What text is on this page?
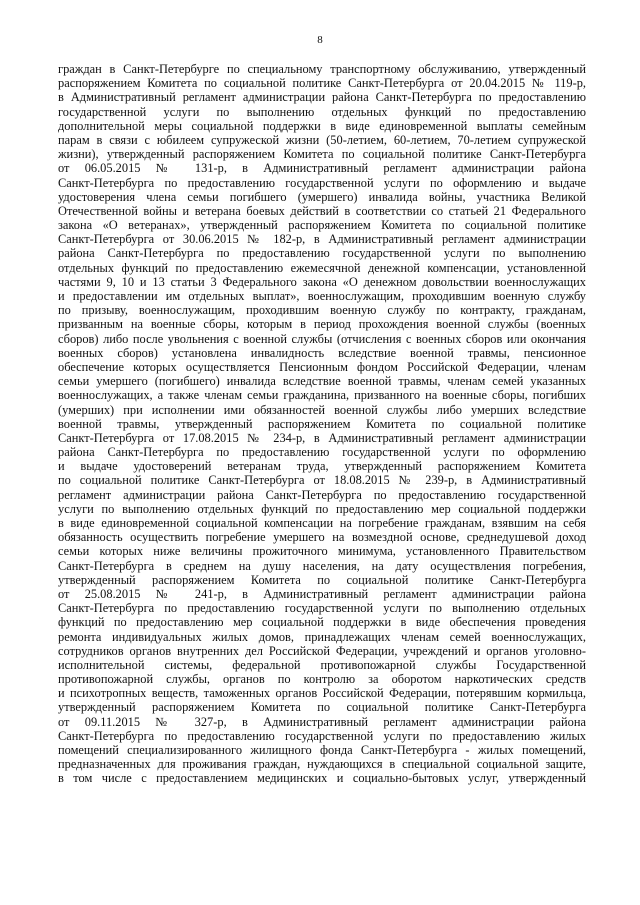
8
граждан в Санкт-Петербурге по специальному транспортному обслуживанию, утвержденный
распоряжением Комитета по социальной политике Санкт-Петербурга от 20.04.2015 № 119-р,
в Административный регламент администрации района Санкт-Петербурга по предоставлению
государственной услуги по выполнению отдельных функций по предоставлению
дополнительной меры социальной поддержки в виде единовременной выплаты семейным
парам в связи с юбилеем супружеской жизни (50-летием, 60-летием, 70-летием супружеской
жизни), утвержденный распоряжением Комитета по социальной политике Санкт-Петербурга
от 06.05.2015 № 131-р, в Административный регламент администрации района
Санкт-Петербурга по предоставлению государственной услуги по оформлению и выдаче
удостоверения члена семьи погибшего (умершего) инвалида войны, участника Великой
Отечественной войны и ветерана боевых действий в соответствии со статьей 21 Федерального
закона «О ветеранах», утвержденный распоряжением Комитета по социальной политике
Санкт-Петербурга от 30.06.2015 № 182-р, в Административный регламент администрации
района Санкт-Петербурга по предоставлению государственной услуги по выполнению
отдельных функций по предоставлению ежемесячной денежной компенсации, установленной
частями 9, 10 и 13 статьи 3 Федерального закона «О денежном довольствии военнослужащих
и предоставлении им отдельных выплат», военнослужащим, проходившим военную службу
по призыву, военнослужащим, проходившим военную службу по контракту, гражданам,
призванным на военные сборы, которым в период прохождения военной службы (военных
сборов) либо после увольнения с военной службы (отчисления с военных сборов или окончания
военных сборов) установлена инвалидность вследствие военной травмы, пенсионное
обеспечение которых осуществляется Пенсионным фондом Российской Федерации, членам
семьи умершего (погибшего) инвалида вследствие военной травмы, членам семей указанных
военнослужащих, а также членам семьи гражданина, призванного на военные сборы, погибших
(умерших) при исполнении ими обязанностей военной службы либо умерших вследствие
военной травмы, утвержденный распоряжением Комитета по социальной политике
Санкт-Петербурга от 17.08.2015 № 234-р, в Административный регламент администрации
района Санкт-Петербурга по предоставлению государственной услуги по оформлению
и выдаче удостоверений ветеранам труда, утвержденный распоряжением Комитета
по социальной политике Санкт-Петербурга от 18.08.2015 № 239-р, в Административный
регламент администрации района Санкт-Петербурга по предоставлению государственной
услуги по выполнению отдельных функций по предоставлению мер социальной поддержки
в виде единовременной социальной компенсации на погребение гражданам, взявшим на себя
обязанность осуществить погребение умершего на возмездной основе, среднедушевой доход
семьи которых ниже величины прожиточного минимума, установленного Правительством
Санкт-Петербурга в среднем на душу населения, на дату осуществления погребения,
утвержденный распоряжением Комитета по социальной политике Санкт-Петербурга
от 25.08.2015 № 241-р, в Административный регламент администрации района
Санкт-Петербурга по предоставлению государственной услуги по выполнению отдельных
функций по предоставлению мер социальной поддержки в виде обеспечения проведения
ремонта индивидуальных жилых домов, принадлежащих членам семей военнослужащих,
сотрудников органов внутренних дел Российской Федерации, учреждений и органов уголовно-
исполнительной системы, федеральной противопожарной службы Государственной
противопожарной службы, органов по контролю за оборотом наркотических средств
и психотропных веществ, таможенных органов Российской Федерации, потерявшим кормильца,
утвержденный распоряжением Комитета по социальной политике Санкт-Петербурга
от 09.11.2015 № 327-р, в Административный регламент администрации района
Санкт-Петербурга по предоставлению государственной услуги по предоставлению жилых
помещений специализированного жилищного фонда Санкт-Петербурга - жилых помещений,
предназначенных для проживания граждан, нуждающихся в специальной социальной защите,
в том числе с предоставлением медицинских и социально-бытовых услуг, утвержденный
